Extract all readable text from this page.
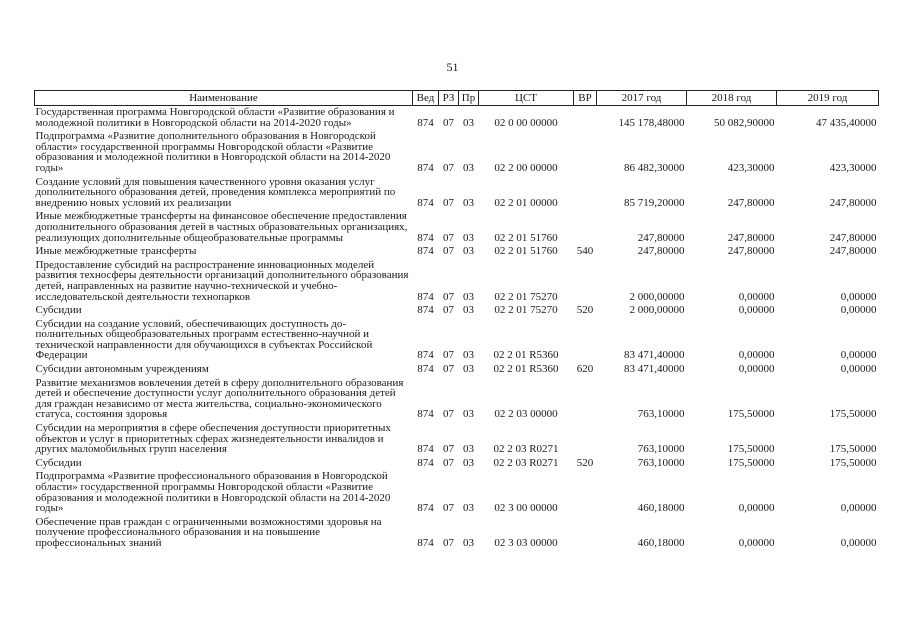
51
Наименование	Вед	РЗ	Пр	ЦСТ	ВР	2017 год	2018 год	2019 год
Государственная программа Новгородской области «Развитие образования и молодежной политики в Новгородской области на 2014-2020 годы»	874	07	03	02 0 00 00000		145 178,48000	50 082,90000	47 435,40000
Подпрограмма «Развитие дополнительного образования в Новгородской области» государственной программы Новгородской области «Развитие образования и молодежной политики в Новгородской области на 2014-2020 годы»	874	07	03	02 2 00 00000		86 482,30000	423,30000	423,30000
Создание условий для повышения качественного уровня оказания услуг дополнительного образования детей, проведения комплекса мероприятий по внедрению новых условий их реализации	874	07	03	02 2 01 00000		85 719,20000	247,80000	247,80000
Иные межбюджетные трансферты на финансовое обеспечение предоставления дополнительного образования детей в частных образовательных организациях, реализующих дополнительные общеобразовательные программы	874	07	03	02 2 01 51760		247,80000	247,80000	247,80000
Иные межбюджетные трансферты	874	07	03	02 2 01 51760	540	247,80000	247,80000	247,80000
Предоставление субсидий на распространение инновационных моделей развития техносферы деятельности организаций дополнительного образования детей, направленных на развитие научно-технической и учебно-исследовательской деятельности технопарков	874	07	03	02 2 01 75270		2 000,00000	0,00000	0,00000
Субсидии	874	07	03	02 2 01 75270	520	2 000,00000	0,00000	0,00000
Субсидии на создание условий, обеспечивающих доступность дополнительных общеобразовательных программ естественно-научной и технической направленности для обучающихся в субъектах Российской Федерации	874	07	03	02 2 01 R5360		83 471,40000	0,00000	0,00000
Субсидии автономным учреждениям	874	07	03	02 2 01 R5360	620	83 471,40000	0,00000	0,00000
Развитие механизмов вовлечения детей в сферу дополнительного образования детей и обеспечение доступности услуг дополнительного образования детей для граждан независимо от места жительства, социально-экономического статуса, состояния здоровья	874	07	03	02 2 03 00000		763,10000	175,50000	175,50000
Субсидии на мероприятия в сфере обеспечения доступности приоритетных объектов и услуг в приоритетных сферах жизнедеятельности инвалидов и других маломобильных групп населения	874	07	03	02 2 03 R0271		763,10000	175,50000	175,50000
Субсидии	874	07	03	02 2 03 R0271	520	763,10000	175,50000	175,50000
Подпрограмма «Развитие профессионального образования в Новгородской области» государственной программы Новгородской области «Развитие образования и молодежной политики в Новгородской области на 2014-2020 годы»	874	07	03	02 3 00 00000		460,18000	0,00000	0,00000
Обеспечение прав граждан с ограниченными возможностями здоровья на получение профессионального образования и на повышение профессиональных знаний	874	07	03	02 3 03 00000		460,18000	0,00000	0,00000
